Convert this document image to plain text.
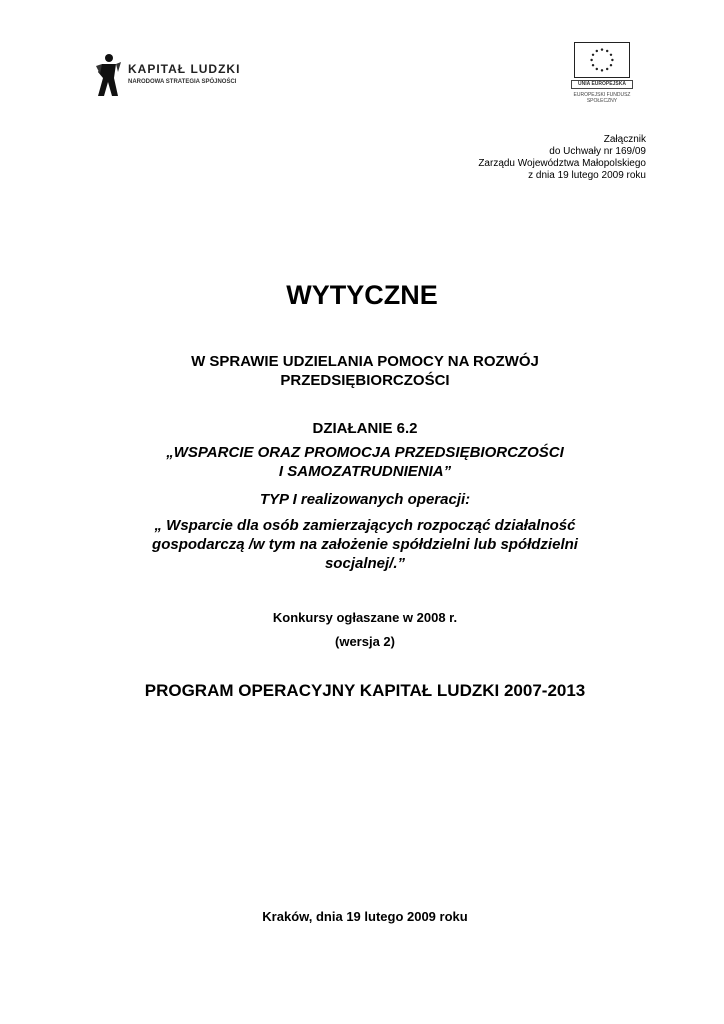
KAPITAŁ LUDZKI
NARODOWA STRATEGIA SPÓJNOŚCI	UNIA EUROPEJSKA
EUROPEJSKI FUNDUSZ
SPOŁECZNY
Załącznik
do Uchwały nr 169/09
Zarządu Województwa Małopolskiego
z dnia 19 lutego 2009 roku
WYTYCZNE
W SPRAWIE UDZIELANIA POMOCY NA ROZWÓJ
PRZEDSIĘBIORCZOŚCI
DZIAŁANIE 6.2
„WSPARCIE ORAZ PROMOCJA PRZEDSIĘBIORCZOŚCI
I SAMOZATRUDNIENIA”
TYP I realizowanych operacji:
„ Wsparcie dla osób zamierzających rozpocząć działalność
gospodarczą /w tym na założenie spółdzielni lub spółdzielni
socjalnej/.”
Konkursy ogłaszane w 2008 r.
(wersja 2)
PROGRAM OPERACYJNY KAPITAŁ LUDZKI 2007-2013
Kraków, dnia 19 lutego 2009 roku
